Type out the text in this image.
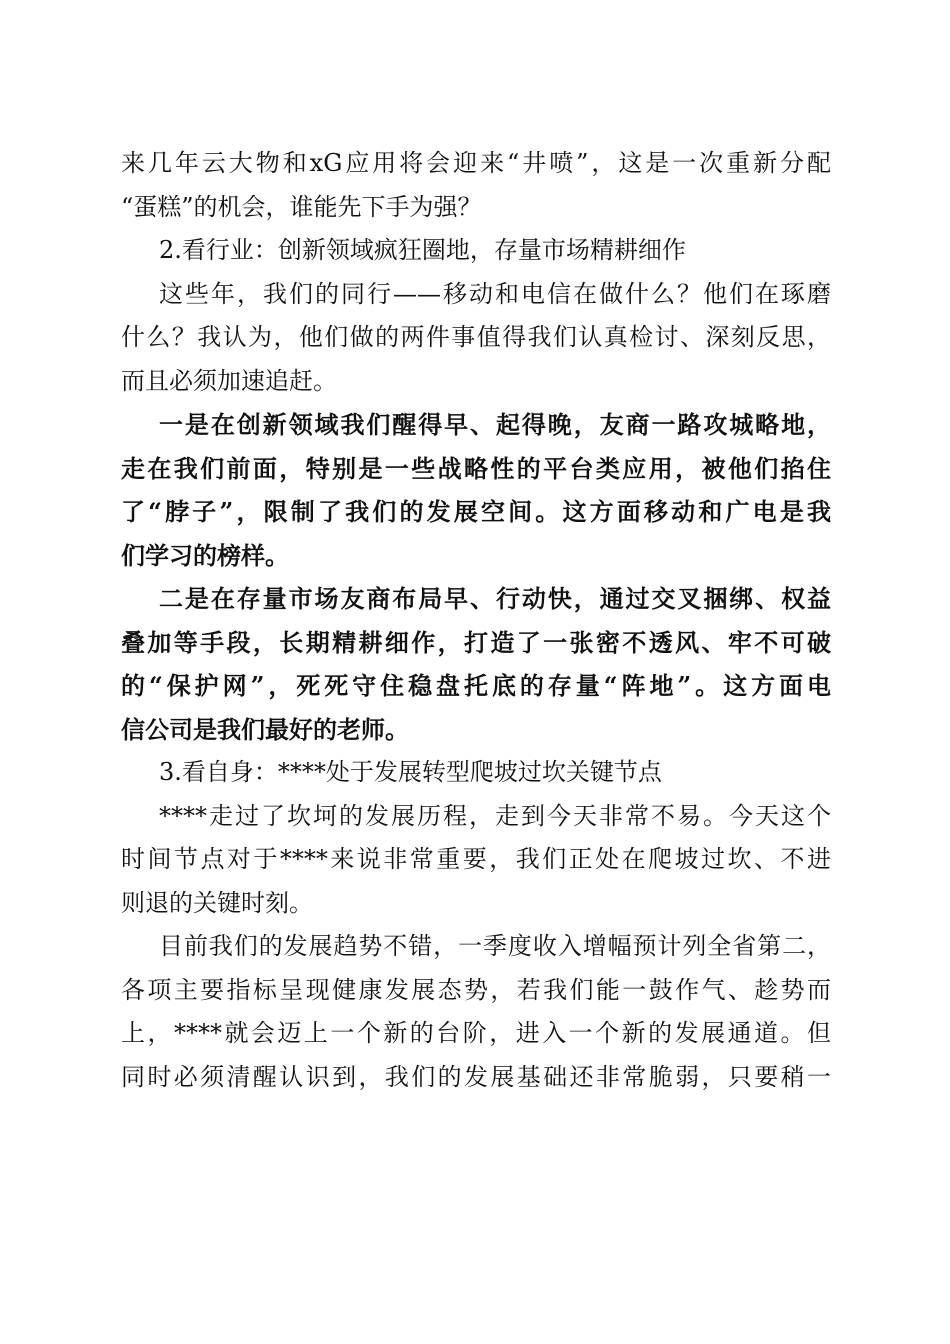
来几年云大物和xG应用将会迎来“井喷”，这是一次重新分配
“蛋糕”的机会，谁能先下手为强？
2.看行业：创新领域疯狂圈地，存量市场精耕细作
这些年，我们的同行——移动和电信在做什么？他们在琢磨
什么？我认为，他们做的两件事值得我们认真检讨、深刻反思，
而且必须加速追赶。
一是在创新领域我们醒得早、起得晚，友商一路攻城略地，
走在我们前面，特别是一些战略性的平台类应用，被他们掐住
了“脖子”，限制了我们的发展空间。这方面移动和广电是我
们学习的榜样。
二是在存量市场友商布局早、行动快，通过交叉捆绑、权益
叠加等手段，长期精耕细作，打造了一张密不透风、牢不可破
的“保护网”，死死守住稳盘托底的存量“阵地”。这方面电
信公司是我们最好的老师。
3.看自身：****处于发展转型爬坡过坎关键节点
****走过了坎坷的发展历程，走到今天非常不易。今天这个
时间节点对于****来说非常重要，我们正处在爬坡过坎、不进
则退的关键时刻。
目前我们的发展趋势不错，一季度收入增幅预计列全省第二，
各项主要指标呈现健康发展态势，若我们能一鼓作气、趁势而
上，****就会迈上一个新的台阶，进入一个新的发展通道。但
同时必须清醒认识到，我们的发展基础还非常脆弱，只要稍一
